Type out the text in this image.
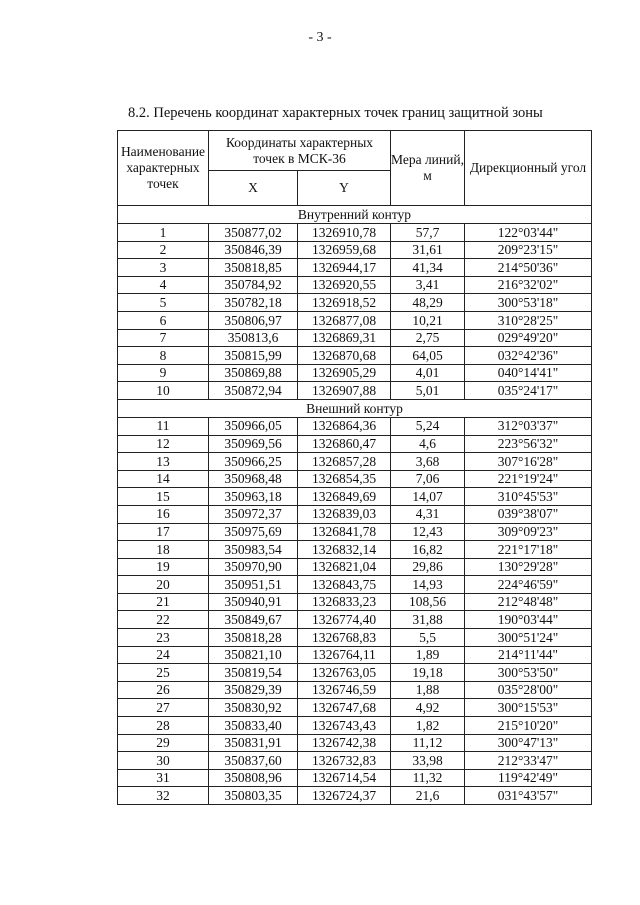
- 3 -
8.2. Перечень координат характерных точек границ защитной зоны
Наименование характерных точек	Координаты характерных точек в МСК-36		Мера линий, м	Дирекционный угол
	X	Y		
Внутренний контур				
1	350877,02	1326910,78	57,7	122°03'44"
2	350846,39	1326959,68	31,61	209°23'15"
3	350818,85	1326944,17	41,34	214°50'36"
4	350784,92	1326920,55	3,41	216°32'02"
5	350782,18	1326918,52	48,29	300°53'18"
6	350806,97	1326877,08	10,21	310°28'25"
7	350813,6	1326869,31	2,75	029°49'20"
8	350815,99	1326870,68	64,05	032°42'36"
9	350869,88	1326905,29	4,01	040°14'41"
10	350872,94	1326907,88	5,01	035°24'17"
Внешний контур				
11	350966,05	1326864,36	5,24	312°03'37"
12	350969,56	1326860,47	4,6	223°56'32"
13	350966,25	1326857,28	3,68	307°16'28"
14	350968,48	1326854,35	7,06	221°19'24"
15	350963,18	1326849,69	14,07	310°45'53"
16	350972,37	1326839,03	4,31	039°38'07"
17	350975,69	1326841,78	12,43	309°09'23"
18	350983,54	1326832,14	16,82	221°17'18"
19	350970,90	1326821,04	29,86	130°29'28"
20	350951,51	1326843,75	14,93	224°46'59"
21	350940,91	1326833,23	108,56	212°48'48"
22	350849,67	1326774,40	31,88	190°03'44"
23	350818,28	1326768,83	5,5	300°51'24"
24	350821,10	1326764,11	1,89	214°11'44"
25	350819,54	1326763,05	19,18	300°53'50"
26	350829,39	1326746,59	1,88	035°28'00"
27	350830,92	1326747,68	4,92	300°15'53"
28	350833,40	1326743,43	1,82	215°10'20"
29	350831,91	1326742,38	11,12	300°47'13"
30	350837,60	1326732,83	33,98	212°33'47"
31	350808,96	1326714,54	11,32	119°42'49"
32	350803,35	1326724,37	21,6	031°43'57"
